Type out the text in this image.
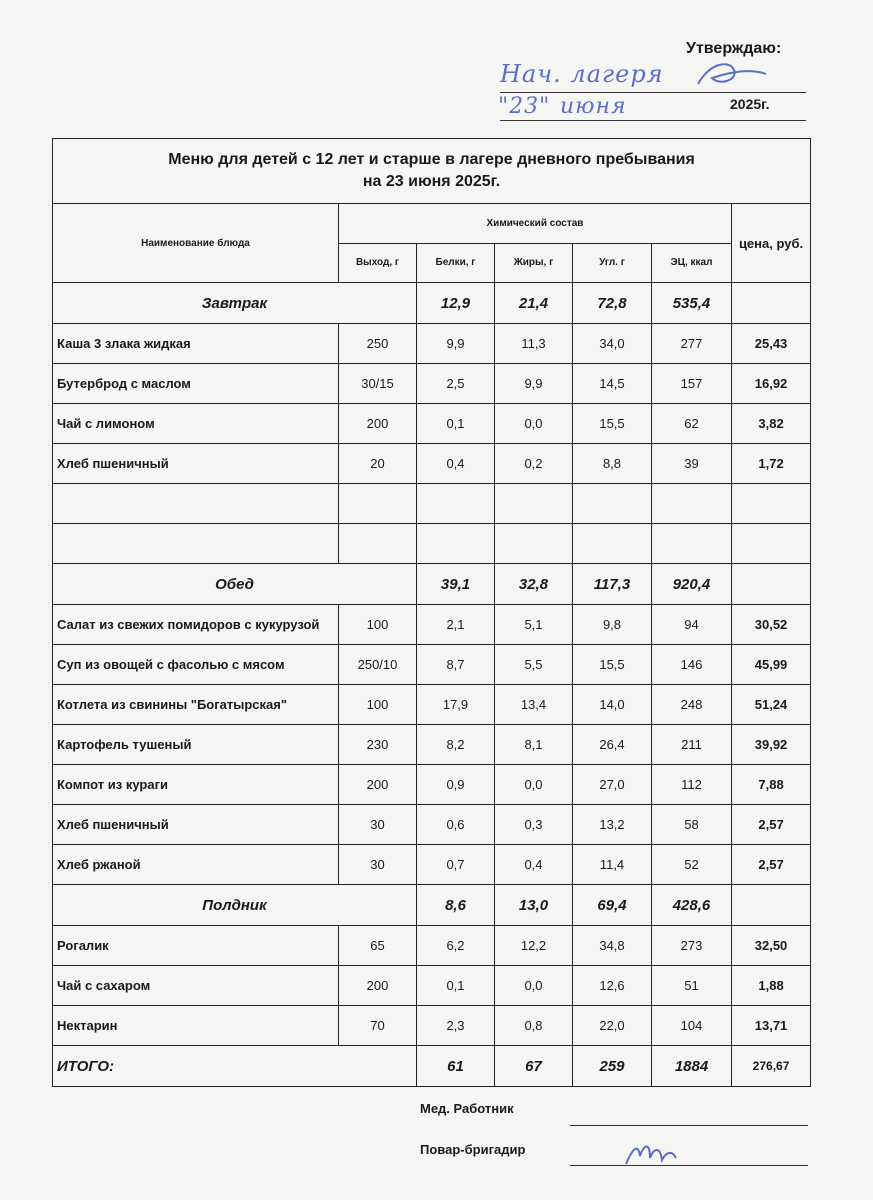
Утверждаю:
Нач. лагеря
"23" июня	2025г.
Меню для детей с 12 лет и старше в лагере дневного пребывания
на 23 июня 2025г.						

Наименование блюда	Химический состав					цена, руб.
	Выход, г	Белки, г	Жиры, г	Угл. г	ЭЦ, ккал	
Завтрак		12,9	21,4	72,8	535,4	
Каша 3 злака жидкая	250	9,9	11,3	34,0	277	25,43
Бутерброд с маслом	30/15	2,5	9,9	14,5	157	16,92
Чай с лимоном	200	0,1	0,0	15,5	62	3,82
Хлеб пшеничный	20	0,4	0,2	8,8	39	1,72

Обед		39,1	32,8	117,3	920,4	
Салат из свежих помидоров с кукурузой	100	2,1	5,1	9,8	94	30,52
Суп из овощей с фасолью с мясом	250/10	8,7	5,5	15,5	146	45,99
Котлета из свинины "Богатырская"	100	17,9	13,4	14,0	248	51,24
Картофель тушеный	230	8,2	8,1	26,4	211	39,92
Компот из кураги	200	0,9	0,0	27,0	112	7,88
Хлеб пшеничный	30	0,6	0,3	13,2	58	2,57
Хлеб ржаной	30	0,7	0,4	11,4	52	2,57
Полдник		8,6	13,0	69,4	428,6	
Рогалик	65	6,2	12,2	34,8	273	32,50
Чай с сахаром	200	0,1	0,0	12,6	51	1,88
Нектарин	70	2,3	0,8	22,0	104	13,71
ИТОГО:		61	67	259	1884	276,67
Мед. Работник
Повар-бригадир
